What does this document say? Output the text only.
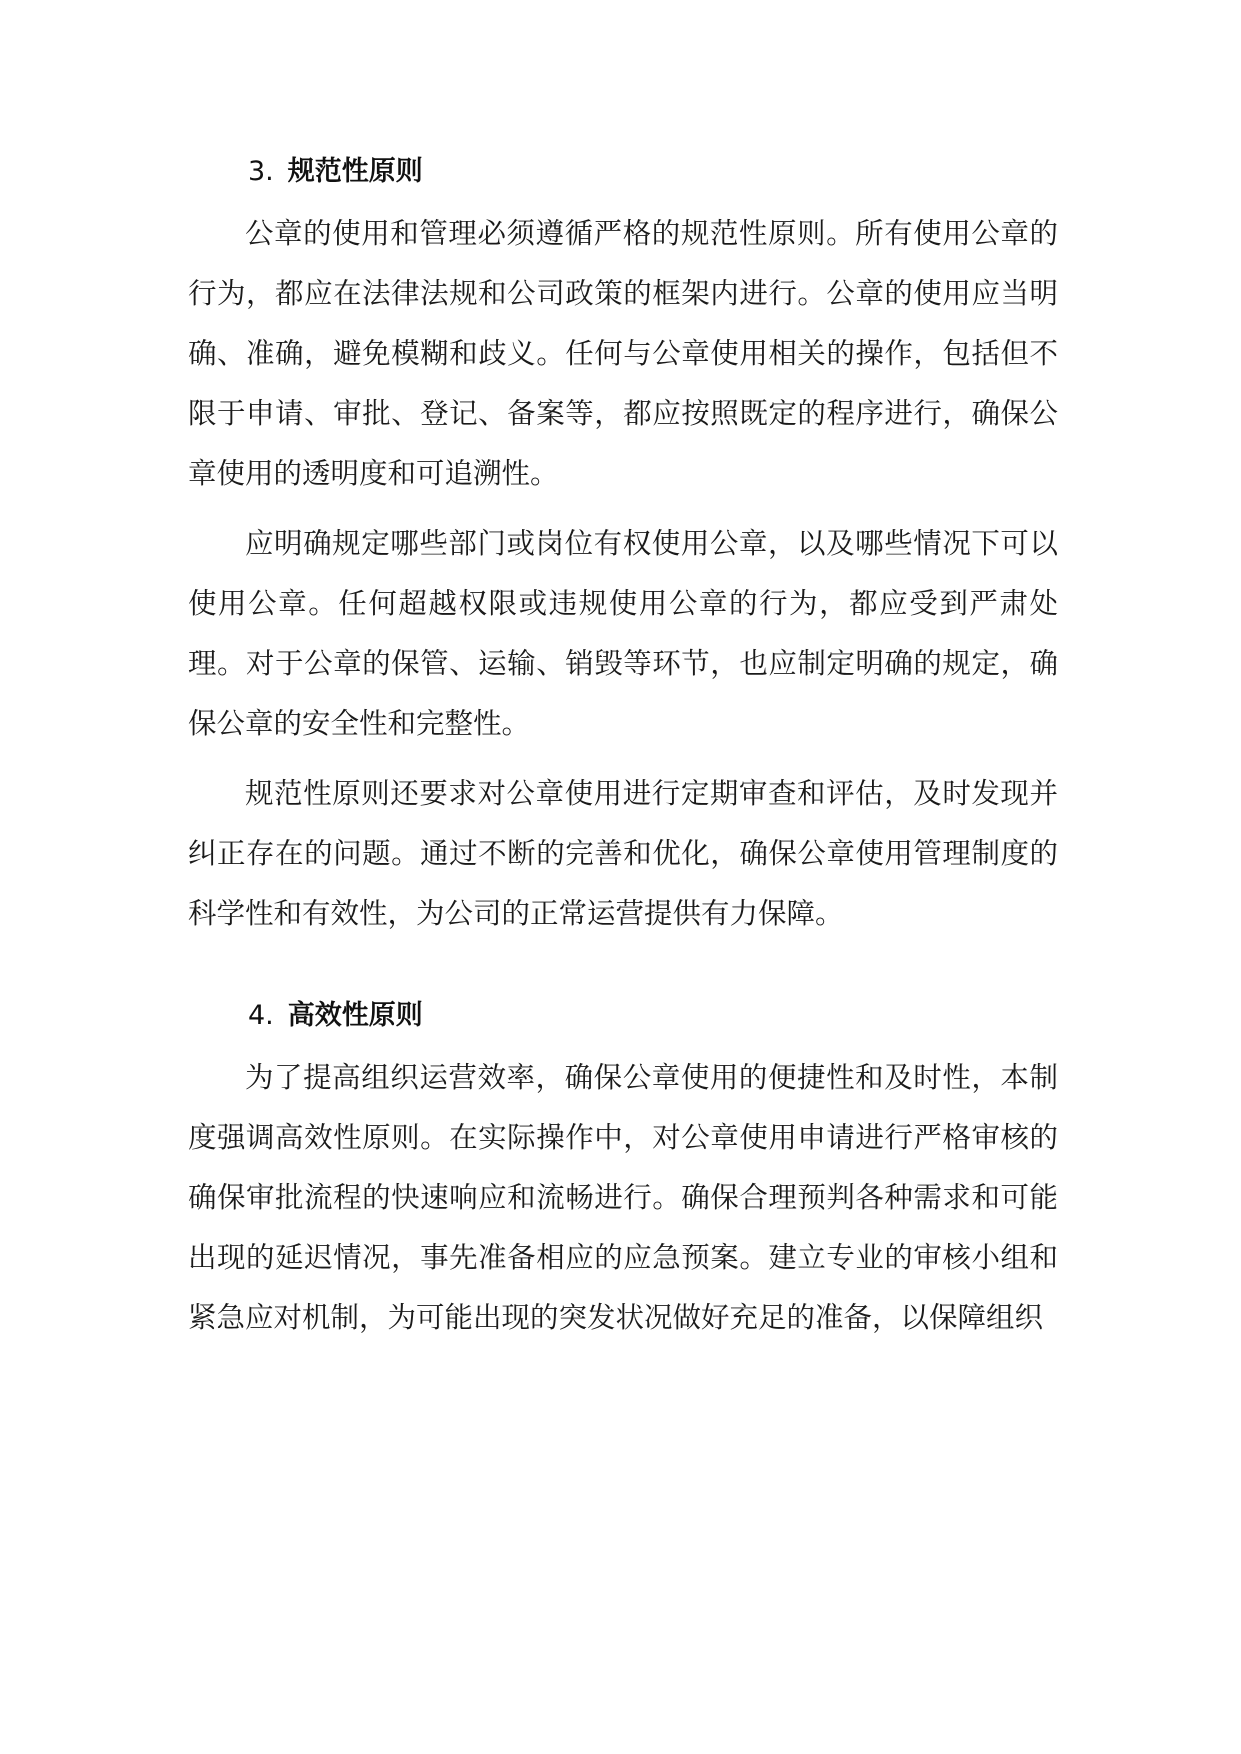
3. 规范性原则

公章的使用和管理必须遵循严格的规范性原则。所有使用公章的行为，都应在法律法规和公司政策的框架内进行。公章的使用应当明确、准确，避免模糊和歧义。任何与公章使用相关的操作，包括但不限于申请、审批、登记、备案等，都应按照既定的程序进行，确保公章使用的透明度和可追溯性。

应明确规定哪些部门或岗位有权使用公章，以及哪些情况下可以使用公章。任何超越权限或违规使用公章的行为，都应受到严肃处理。对于公章的保管、运输、销毁等环节，也应制定明确的规定，确保公章的安全性和完整性。

规范性原则还要求对公章使用进行定期审查和评估，及时发现并纠正存在的问题。通过不断的完善和优化，确保公章使用管理制度的科学性和有效性，为公司的正常运营提供有力保障。

4. 高效性原则

为了提高组织运营效率，确保公章使用的便捷性和及时性，本制度强调高效性原则。在实际操作中，对公章使用申请进行严格审核的确保审批流程的快速响应和流畅进行。确保合理预判各种需求和可能出现的延迟情况，事先准备相应的应急预案。建立专业的审核小组和紧急应对机制，为可能出现的突发状况做好充足的准备，以保障组织
